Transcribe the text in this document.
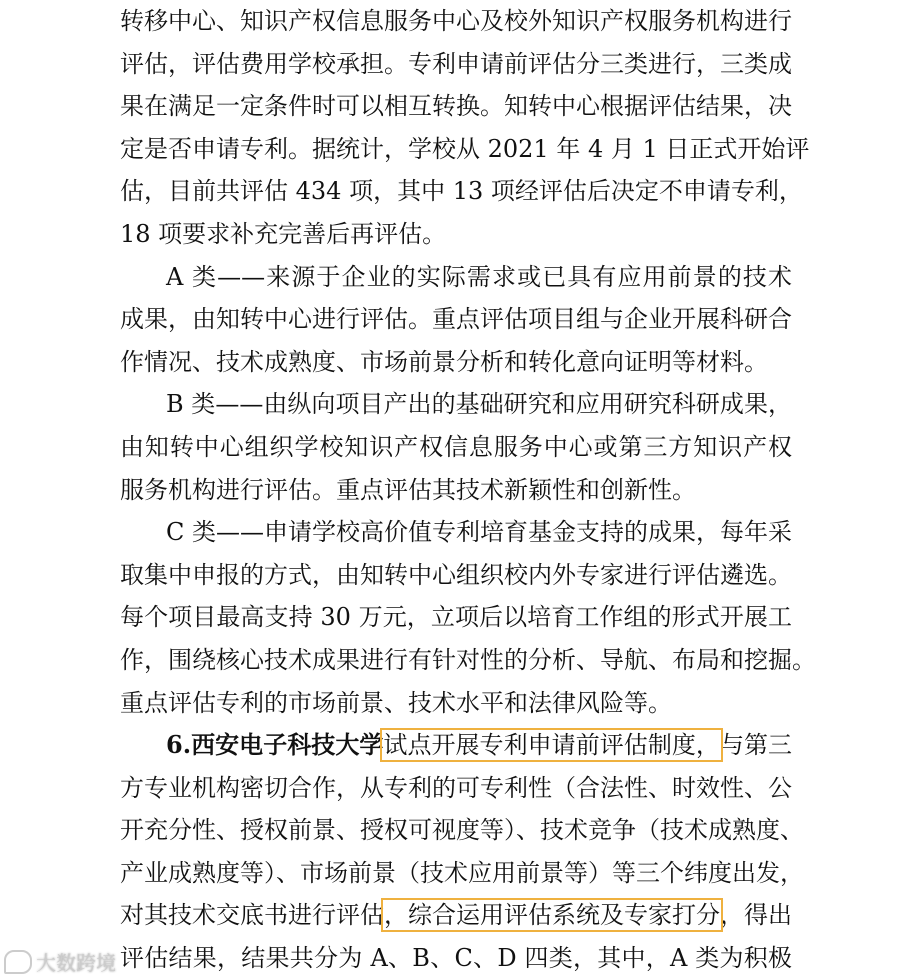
转移中心、知识产权信息服务中心及校外知识产权服务机构进行
评估，评估费用学校承担。专利申请前评估分三类进行，三类成
果在满足一定条件时可以相互转换。知转中心根据评估结果，决
定是否申请专利。据统计，学校从 2021 年 4 月 1 日正式开始评
估，目前共评估 434 项，其中 13 项经评估后决定不申请专利，
18 项要求补充完善后再评估。
A 类——来源于企业的实际需求或已具有应用前景的技术
成果，由知转中心进行评估。重点评估项目组与企业开展科研合
作情况、技术成熟度、市场前景分析和转化意向证明等材料。
B 类——由纵向项目产出的基础研究和应用研究科研成果，
由知转中心组织学校知识产权信息服务中心或第三方知识产权
服务机构进行评估。重点评估其技术新颖性和创新性。
C 类——申请学校高价值专利培育基金支持的成果，每年采
取集中申报的方式，由知转中心组织校内外专家进行评估遴选。
每个项目最高支持 30 万元，立项后以培育工作组的形式开展工
作，围绕核心技术成果进行有针对性的分析、导航、布局和挖掘。
重点评估专利的市场前景、技术水平和法律风险等。
6.西安电子科技大学试点开展专利申请前评估制度，与第三
方专业机构密切合作，从专利的可专利性（合法性、时效性、公
开充分性、授权前景、授权可视度等）、技术竞争（技术成熟度、
产业成熟度等）、市场前景（技术应用前景等）等三个纬度出发，
对其技术交底书进行评估，综合运用评估系统及专家打分，得出
评估结果，结果共分为 A、B、C、D 四类，其中，A 类为积极
大数跨境
